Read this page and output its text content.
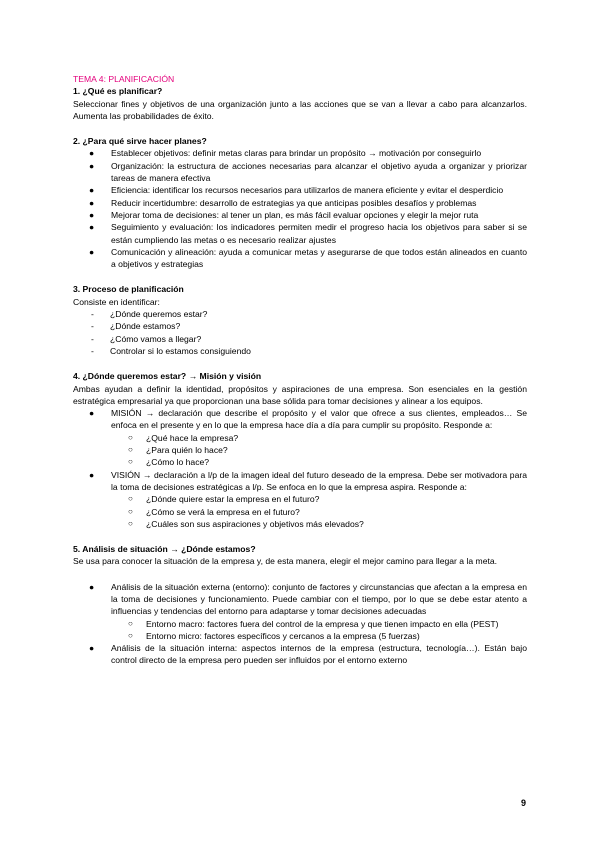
TEMA 4: PLANIFICACIÓN
1. ¿Qué es planificar?
Seleccionar fines y objetivos de una organización junto a las acciones que se van a llevar a cabo para alcanzarlos. Aumenta las probabilidades de éxito.
2. ¿Para qué sirve hacer planes?
● Establecer objetivos: definir metas claras para brindar un propósito → motivación por conseguirlo
● Organización: la estructura de acciones necesarias para alcanzar el objetivo ayuda a organizar y priorizar tareas de manera efectiva
● Eficiencia: identificar los recursos necesarios para utilizarlos de manera eficiente y evitar el desperdicio
● Reducir incertidumbre: desarrollo de estrategias ya que anticipas posibles desafíos y problemas
● Mejorar toma de decisiones: al tener un plan, es más fácil evaluar opciones y elegir la mejor ruta
● Seguimiento y evaluación: los indicadores permiten medir el progreso hacia los objetivos para saber si se están cumpliendo las metas o es necesario realizar ajustes
● Comunicación y alineación: ayuda a comunicar metas y asegurarse de que todos están alineados en cuanto a objetivos y estrategias
3. Proceso de planificación
Consiste en identificar:
- ¿Dónde queremos estar?
- ¿Dónde estamos?
- ¿Cómo vamos a llegar?
- Controlar si lo estamos consiguiendo
4. ¿Dónde queremos estar? → Misión y visión
Ambas ayudan a definir la identidad, propósitos y aspiraciones de una empresa. Son esenciales en la gestión estratégica empresarial ya que proporcionan una base sólida para tomar decisiones y alinear a los equipos.
● MISIÓN → declaración que describe el propósito y el valor que ofrece a sus clientes, empleados… Se enfoca en el presente y en lo que la empresa hace día a día para cumplir su propósito. Responde a:
○ ¿Qué hace la empresa?
○ ¿Para quién lo hace?
○ ¿Cómo lo hace?
● VISIÓN → declaración a l/p de la imagen ideal del futuro deseado de la empresa. Debe ser motivadora para la toma de decisiones estratégicas a l/p. Se enfoca en lo que la empresa aspira. Responde a:
○ ¿Dónde quiere estar la empresa en el futuro?
○ ¿Cómo se verá la empresa en el futuro?
○ ¿Cuáles son sus aspiraciones y objetivos más elevados?
5. Análisis de situación → ¿Dónde estamos?
Se usa para conocer la situación de la empresa y, de esta manera, elegir el mejor camino para llegar a la meta.
● Análisis de la situación externa (entorno): conjunto de factores y circunstancias que afectan a la empresa en la toma de decisiones y funcionamiento. Puede cambiar con el tiempo, por lo que se debe estar atento a influencias y tendencias del entorno para adaptarse y tomar decisiones adecuadas
○ Entorno macro: factores fuera del control de la empresa y que tienen impacto en ella (PEST)
○ Entorno micro: factores específicos y cercanos a la empresa (5 fuerzas)
● Análisis de la situación interna: aspectos internos de la empresa (estructura, tecnología…). Están bajo control directo de la empresa pero pueden ser influidos por el entorno externo
9
